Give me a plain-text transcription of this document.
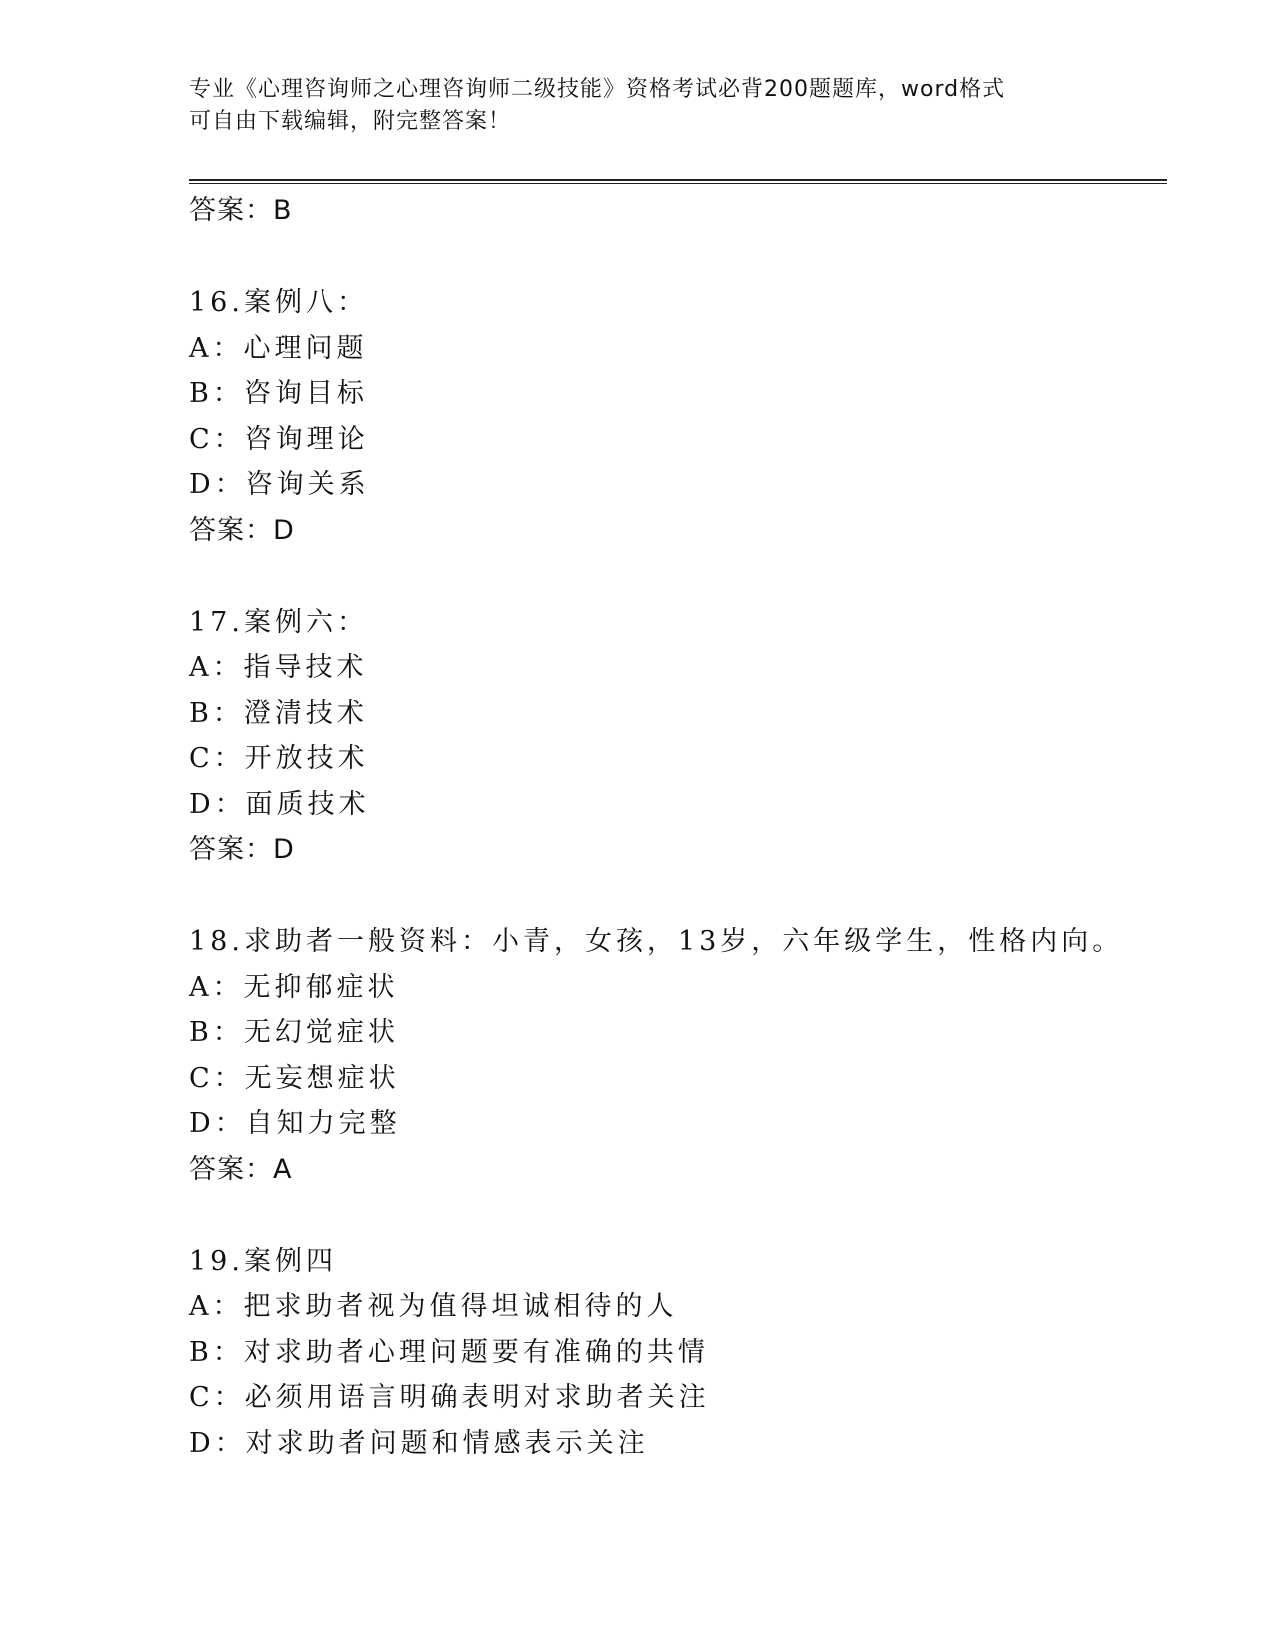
专业《心理咨询师之心理咨询师二级技能》资格考试必背200题题库，word格式
可自由下载编辑，附完整答案！
答案：B
16.案例八：
A：心理问题
B：咨询目标
C：咨询理论
D：咨询关系
答案：D
17.案例六：
A：指导技术
B：澄清技术
C：开放技术
D：面质技术
答案：D
18.求助者一般资料：小青，女孩，13岁，六年级学生，性格内向。
A：无抑郁症状
B：无幻觉症状
C：无妄想症状
D：自知力完整
答案：A
19.案例四
A：把求助者视为值得坦诚相待的人
B：对求助者心理问题要有准确的共情
C：必须用语言明确表明对求助者关注
D：对求助者问题和情感表示关注
